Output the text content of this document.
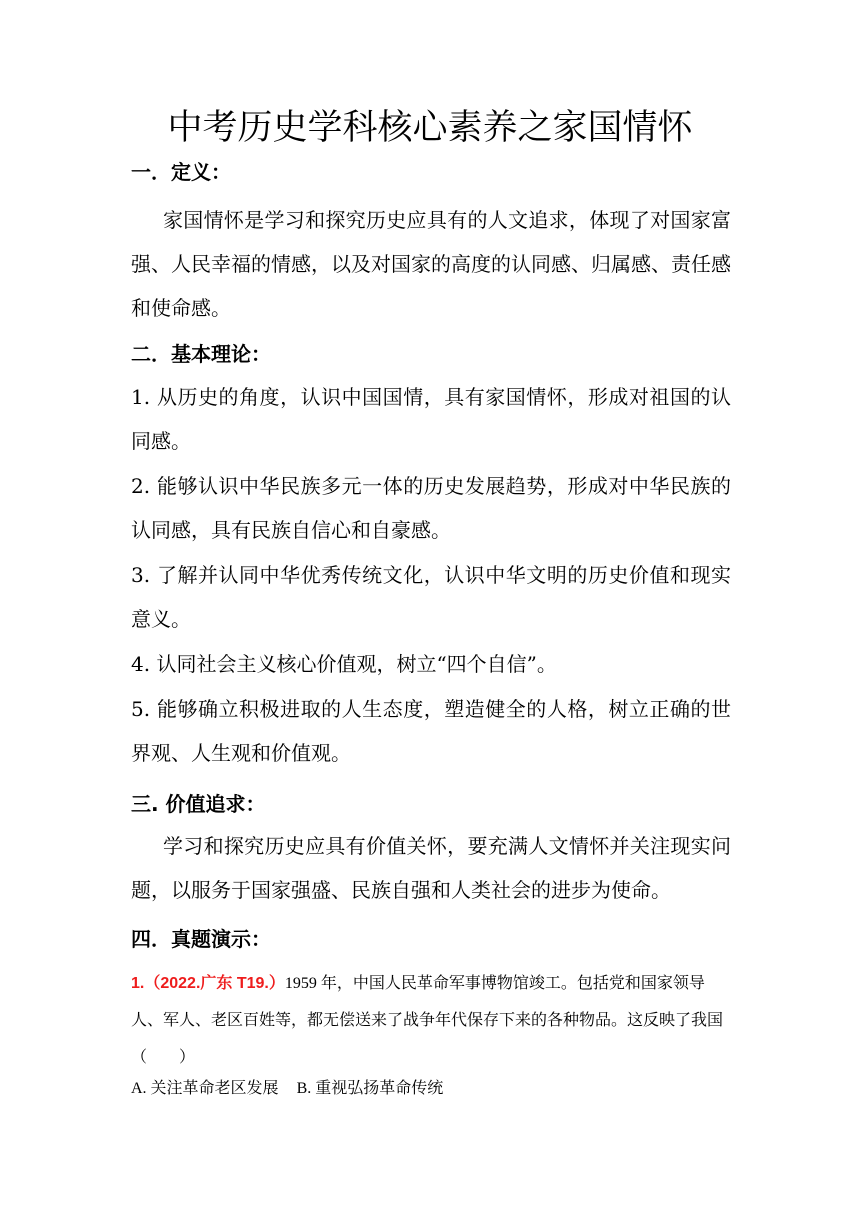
中考历史学科核心素养之家国情怀
一．定义：
家国情怀是学习和探究历史应具有的人文追求，体现了对国家富强、人民幸福的情感，以及对国家的高度的认同感、归属感、责任感和使命感。
二．基本理论：
1. 从历史的角度，认识中国国情，具有家国情怀，形成对祖国的认同感。
2. 能够认识中华民族多元一体的历史发展趋势，形成对中华民族的认同感，具有民族自信心和自豪感。
3. 了解并认同中华优秀传统文化，认识中华文明的历史价值和现实意义。
4. 认同社会主义核心价值观，树立“四个自信”。
5. 能够确立积极进取的人生态度，塑造健全的人格，树立正确的世界观、人生观和价值观。
三. 价值追求：
学习和探究历史应具有价值关怀，要充满人文情怀并关注现实问题，以服务于国家强盛、民族自强和人类社会的进步为使命。
四．真题演示：
1.（2022.广东 T19.）1959 年，中国人民革命军事博物馆竣工。包括党和国家领导人、军人、老区百姓等，都无偿送来了战争年代保存下来的各种物品。这反映了我国（　　）
A. 关注革命老区发展 B. 重视弘扬革命传统
